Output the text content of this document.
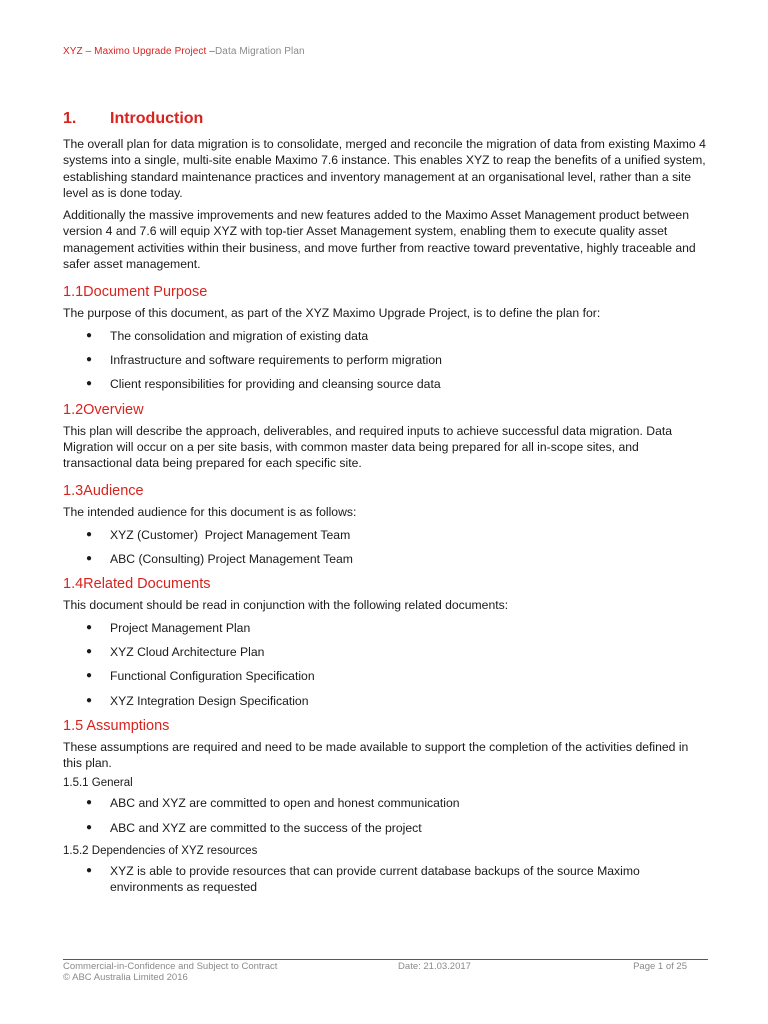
XYZ – Maximo Upgrade Project –Data Migration Plan
1.	Introduction

The overall plan for data migration is to consolidate, merged and reconcile the migration of data from existing Maximo 4 systems into a single, multi-site enable Maximo 7.6 instance. This enables XYZ to reap the benefits of a unified system, establishing standard maintenance practices and inventory management at an organisational level, rather than a site level as is done today.

Additionally the massive improvements and new features added to the Maximo Asset Management product between version 4 and 7.6 will equip XYZ with top-tier Asset Management system, enabling them to execute quality asset management activities within their business, and move further from reactive toward preventative, highly traceable and safer asset management.

1.1Document Purpose

The purpose of this document, as part of the XYZ Maximo Upgrade Project, is to define the plan for:

● The consolidation and migration of existing data
● Infrastructure and software requirements to perform migration
● Client responsibilities for providing and cleansing source data
1.2Overview

This plan will describe the approach, deliverables, and required inputs to achieve successful data migration. Data Migration will occur on a per site basis, with common master data being prepared for all in-scope sites, and transactional data being prepared for each specific site.

1.3Audience

The intended audience for this document is as follows:

● XYZ (Customer)  Project Management Team
● ABC (Consulting) Project Management Team
1.4Related Documents

This document should be read in conjunction with the following related documents:

● Project Management Plan
● XYZ Cloud Architecture Plan
● Functional Configuration Specification
● XYZ Integration Design Specification
1.5 Assumptions

These assumptions are required and need to be made available to support the completion of the activities defined in this plan.

1.5.1 General
● ABC and XYZ are committed to open and honest communication
● ABC and XYZ are committed to the success of the project
1.5.2 Dependencies of XYZ resources
● XYZ is able to provide resources that can provide current database backups of the source Maximo environments as requested
Commercial-in-Confidence and Subject to Contract	Date: 21.03.2017	Page 1 of 25
© ABC Australia Limited 2016
